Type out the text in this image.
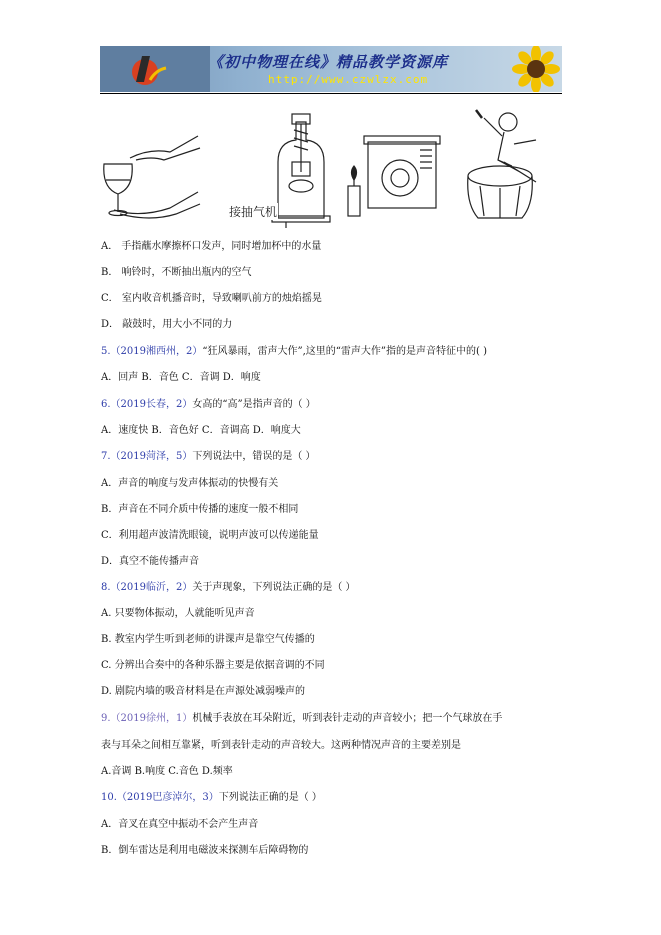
《初中物理在线》精品教学资源库
http://www.czwlzx.com
接抽气机
A． 手指蘸水摩擦杯口发声，同时增加杯中的水量
B． 响铃时，不断抽出瓶内的空气
C． 室内收音机播音时，导致喇叭前方的烛焰摇晃
D． 敲鼓时，用大小不同的力
5.（2019湘西州，2）“狂风暴雨，雷声大作”,这里的“雷声大作”指的是声音特征中的( )
A．回声 B．音色 C．音调 D．响度
6.（2019长春，2）女高的“高”是指声音的（ ）
A．速度快 B．音色好 C．音调高 D．响度大
7.（2019菏泽，5）下列说法中，错误的是（ ）
A．声音的响度与发声体振动的快慢有关
B．声音在不同介质中传播的速度一般不相同
C．利用超声波清洗眼镜，说明声波可以传递能量
D．真空不能传播声音
8.（2019临沂，2）关于声现象，下列说法正确的是（ ）
A. 只要物体振动，人就能听见声音
B. 教室内学生听到老师的讲课声是靠空气传播的
C. 分辨出合奏中的各种乐器主要是依据音调的不同
D. 剧院内墙的吸音材料是在声源处减弱噪声的
9.（2019徐州，1）机械手表放在耳朵附近，听到表针走动的声音较小；把一个气球放在手
表与耳朵之间相互靠紧，听到表针走动的声音较大。这两种情况声音的主要差别是
A.音调 B.响度 C.音色 D.频率
10.（2019巴彦淖尔，3）下列说法正确的是（ ）
A．音叉在真空中振动不会产生声音
B．倒车雷达是利用电磁波来探测车后障碍物的
